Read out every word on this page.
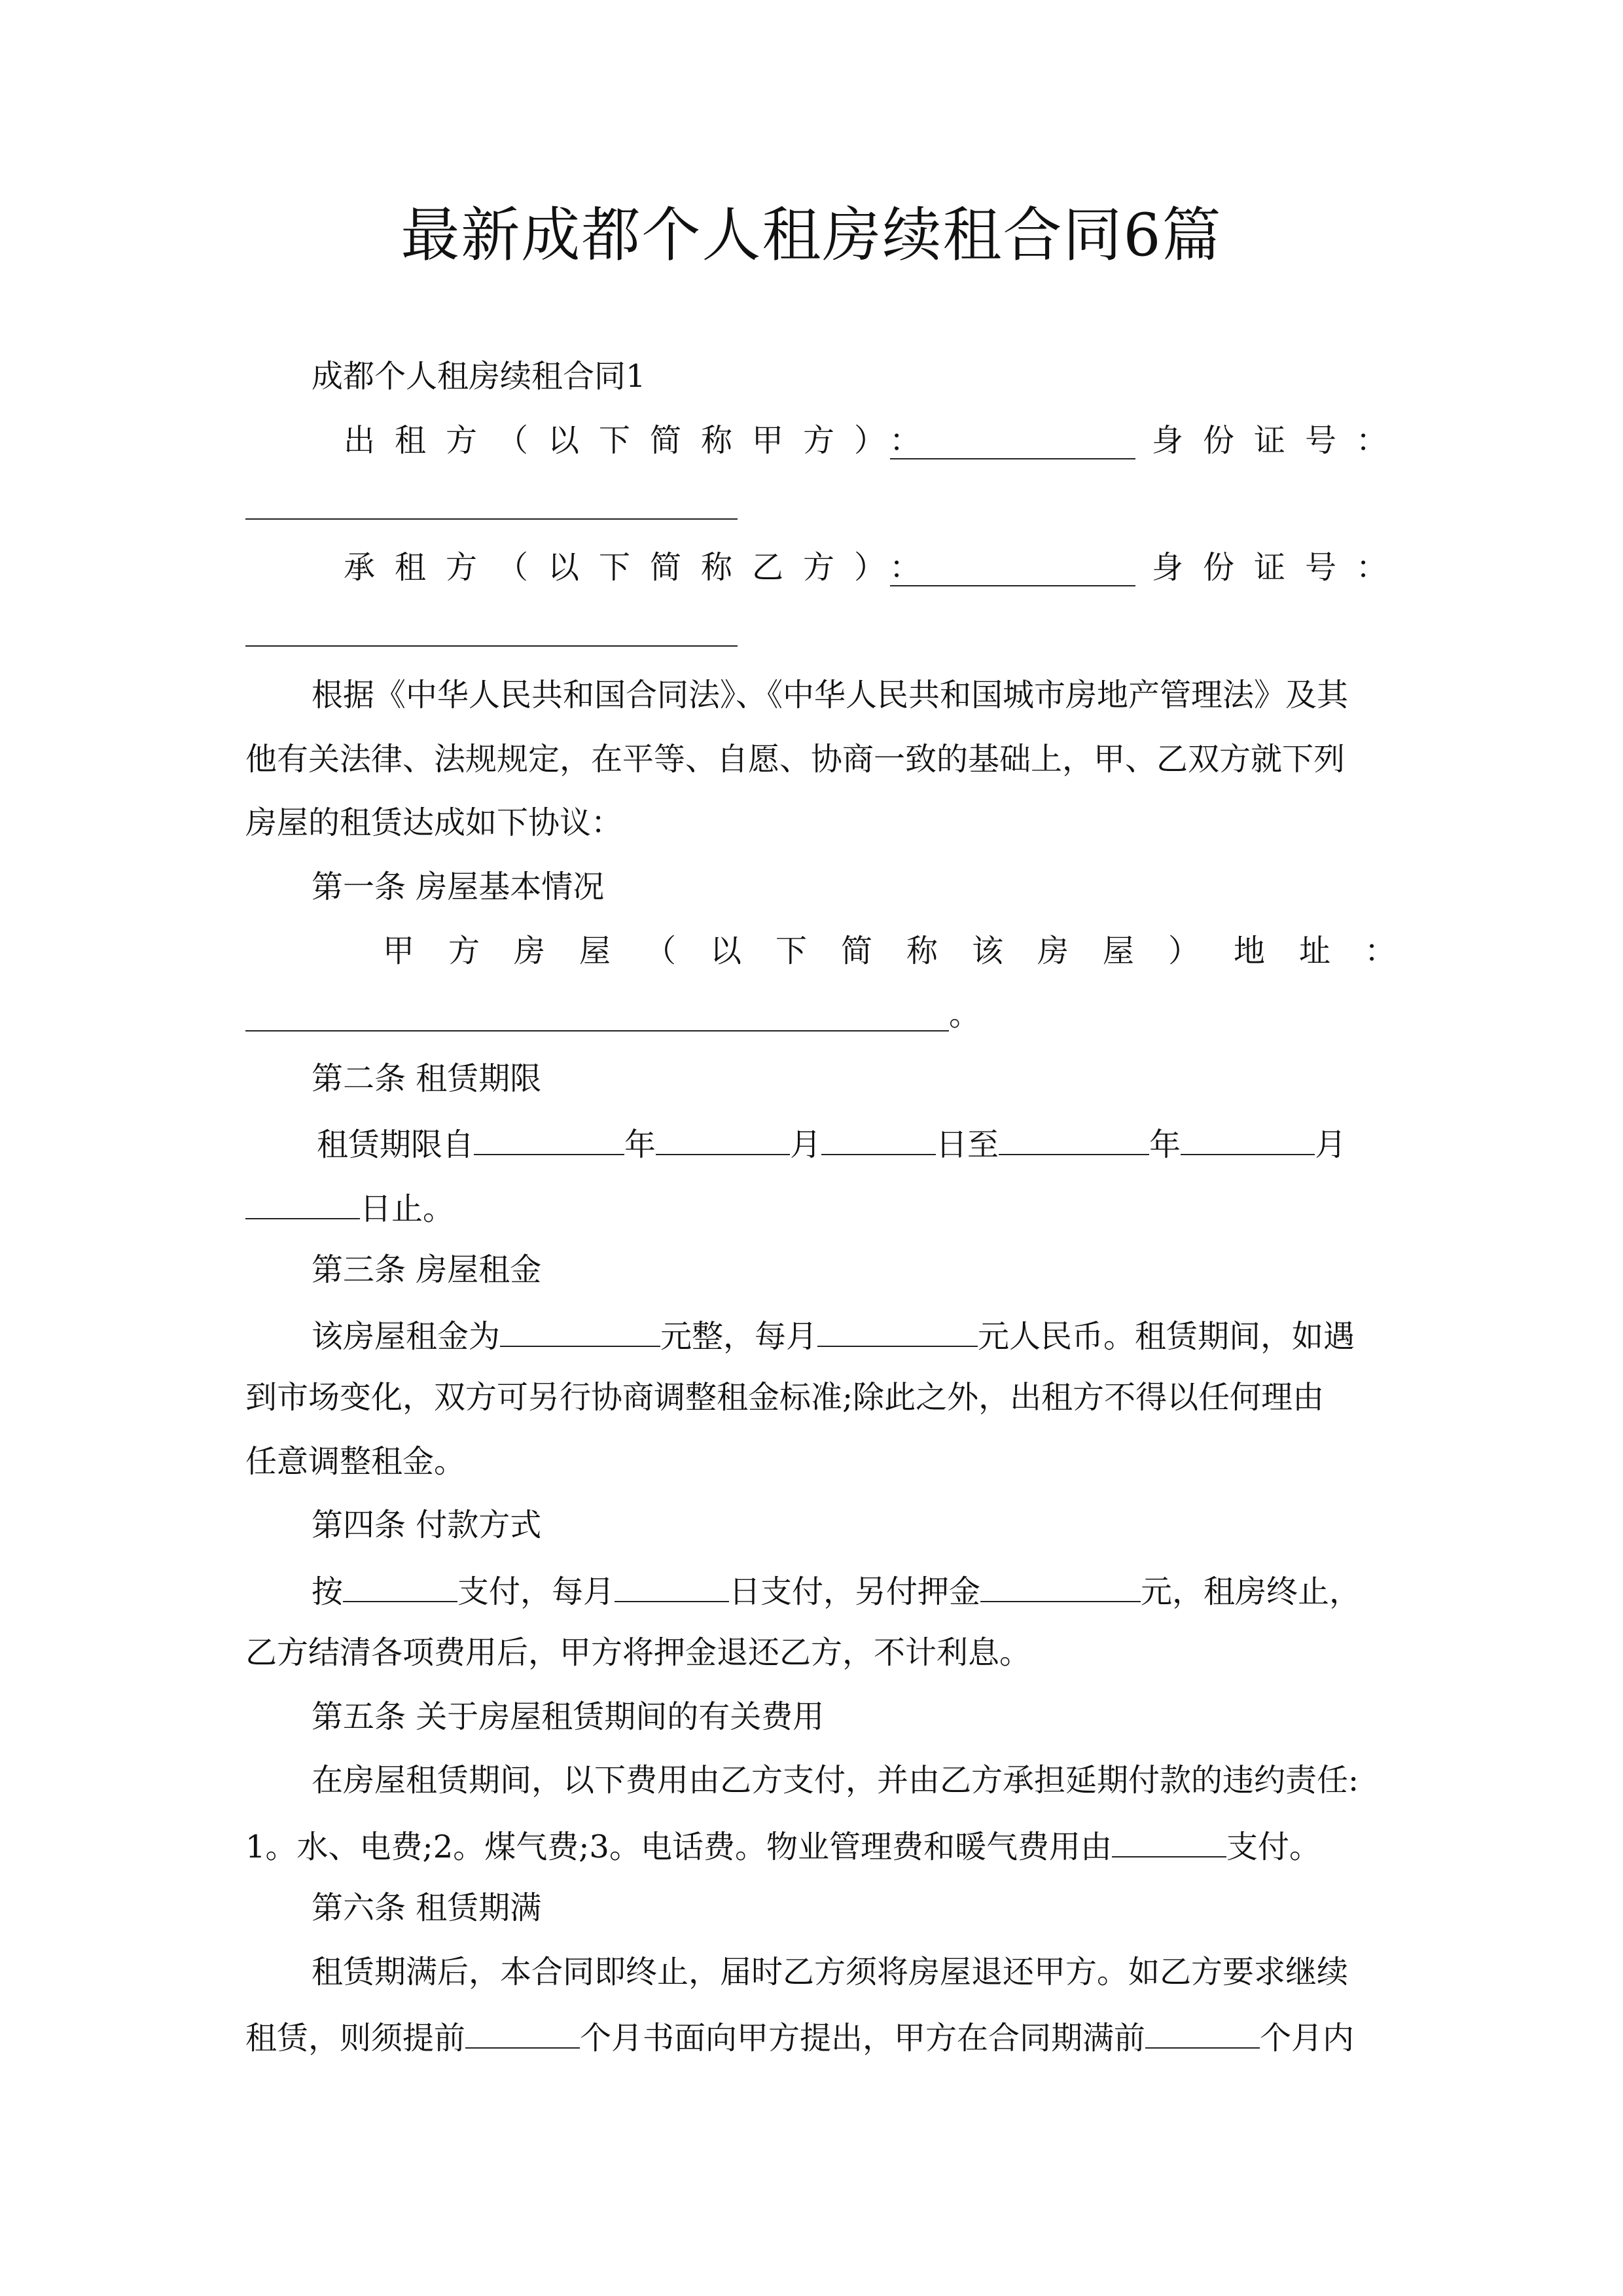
最新成都个人租房续租合同6篇
成都个人租房续租合同1
出租方（以下简称甲方）：	身份证号：
承租方（以下简称乙方）：	身份证号：
根据《中华人民共和国合同法》、《中华人民共和国城市房地产管理法》及其
他有关法律、法规规定，在平等、自愿、协商一致的基础上，甲、乙双方就下列
房屋的租赁达成如下协议：
第一条 房屋基本情况
甲方房屋（以下简称该房屋）地址：
。
第二条 租赁期限
租赁期限自	年	月	日至	年	月
日止。
第三条 房屋租金
该房屋租金为	元整，每月	元人民币。租赁期间，如遇
到市场变化，双方可另行协商调整租金标准;除此之外，出租方不得以任何理由
任意调整租金。
第四条 付款方式
按	支付，每月	日支付，另付押金	元，租房终止，
乙方结清各项费用后，甲方将押金退还乙方，不计利息。
第五条 关于房屋租赁期间的有关费用
在房屋租赁期间，以下费用由乙方支付，并由乙方承担延期付款的违约责任:
1。水、电费;2。煤气费;3。电话费。物业管理费和暖气费用由	支付。
第六条 租赁期满
租赁期满后，本合同即终止，届时乙方须将房屋退还甲方。如乙方要求继续
租赁，则须提前	个月书面向甲方提出，甲方在合同期满前	个月内
